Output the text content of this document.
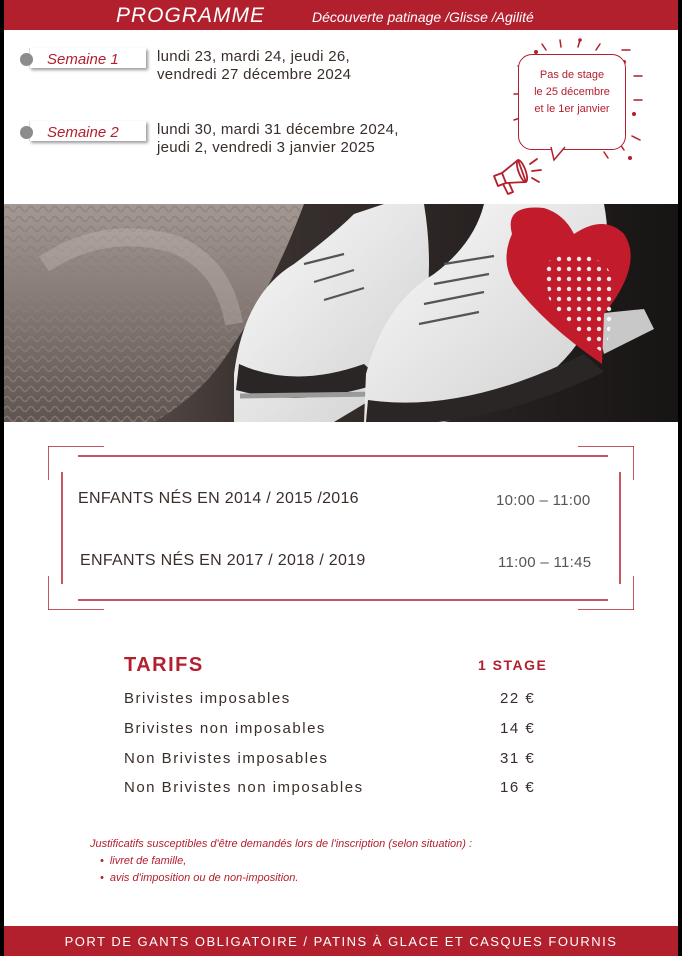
PROGRAMME	Découverte patinage /Glisse /Agilité
Semaine 1	lundi 23, mardi 24, jeudi 26,
vendredi 27 décembre 2024
Semaine 2	lundi 30, mardi 31 décembre 2024,
jeudi 2, vendredi 3 janvier 2025
Pas de stage
le 25 décembre
et le 1er janvier
ENFANTS NÉS EN 2014 / 2015 /2016	10:00 – 11:00
ENFANTS NÉS EN 2017 / 2018 / 2019	11:00 – 11:45
TARIFS	1 STAGE
Brivistes imposables	22 €
Brivistes non imposables	14 €
Non Brivistes imposables	31 €
Non Brivistes non imposables	16 €
Justificatifs susceptibles d'être demandés lors de l'inscription (selon situation) :
• livret de famille,
• avis d'imposition ou de non-imposition.
PORT DE GANTS OBLIGATOIRE / PATINS À GLACE ET CASQUES FOURNIS
